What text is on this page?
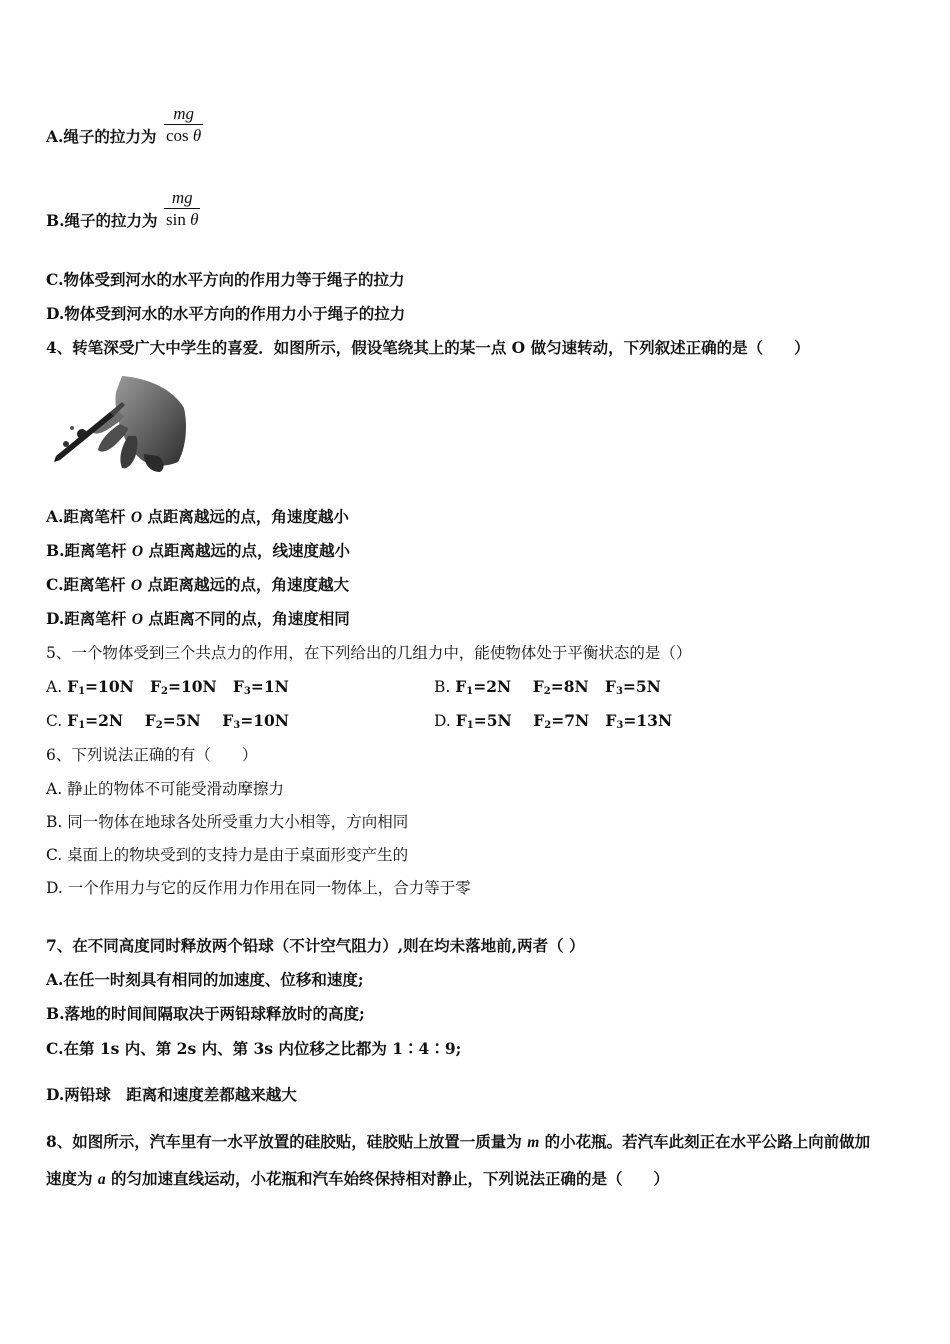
A.绳子的拉力为
mg
cos θ
B.绳子的拉力为
mg
sin θ
C.物体受到河水的水平方向的作用力等于绳子的拉力
D.物体受到河水的水平方向的作用力小于绳子的拉力
4、转笔深受广大中学生的喜爱．如图所示，假设笔绕其上的某一点 O 做匀速转动，下列叙述正确的是（　　）
A.距离笔杆 O 点距离越远的点，角速度越小
B.距离笔杆 O 点距离越远的点，线速度越小
C.距离笔杆 O 点距离越远的点，角速度越大
D.距离笔杆 O 点距离不同的点，角速度相同
5、一个物体受到三个共点力的作用，在下列给出的几组力中，能使物体处于平衡状态的是（）
A. $F_1=10N$ $F_2=10N$ $F_3=1N$	B. $F_1=2N$ $F_2=8N$ $F_3=5N$
C. $F_1=2N$ $F_2=5N$ $F_3=10N$	D. $F_1=5N$ $F_2=7N$ $F_3=13N$
6、下列说法正确的有（　　）
A. 静止的物体不可能受滑动摩擦力
B. 同一物体在地球各处所受重力大小相等，方向相同
C. 桌面上的物块受到的支持力是由于桌面形变产生的
D. 一个作用力与它的反作用力作用在同一物体上，合力等于零
7、在不同高度同时释放两个铅球（不计空气阻力）,则在均未落地前,两者（ ）
A.在任一时刻具有相同的加速度、位移和速度;
B.落地的时间间隔取决于两铅球释放时的高度;
C.在第 1s 内、第 2s 内、第 3s 内位移之比都为 1∶4∶9;
D.两铅球　距离和速度差都越来越大
8、如图所示，汽车里有一水平放置的硅胶贴，硅胶贴上放置一质量为 m 的小花瓶。若汽车此刻正在水平公路上向前做加
速度为 a 的匀加速直线运动，小花瓶和汽车始终保持相对静止，下列说法正确的是（　　）
